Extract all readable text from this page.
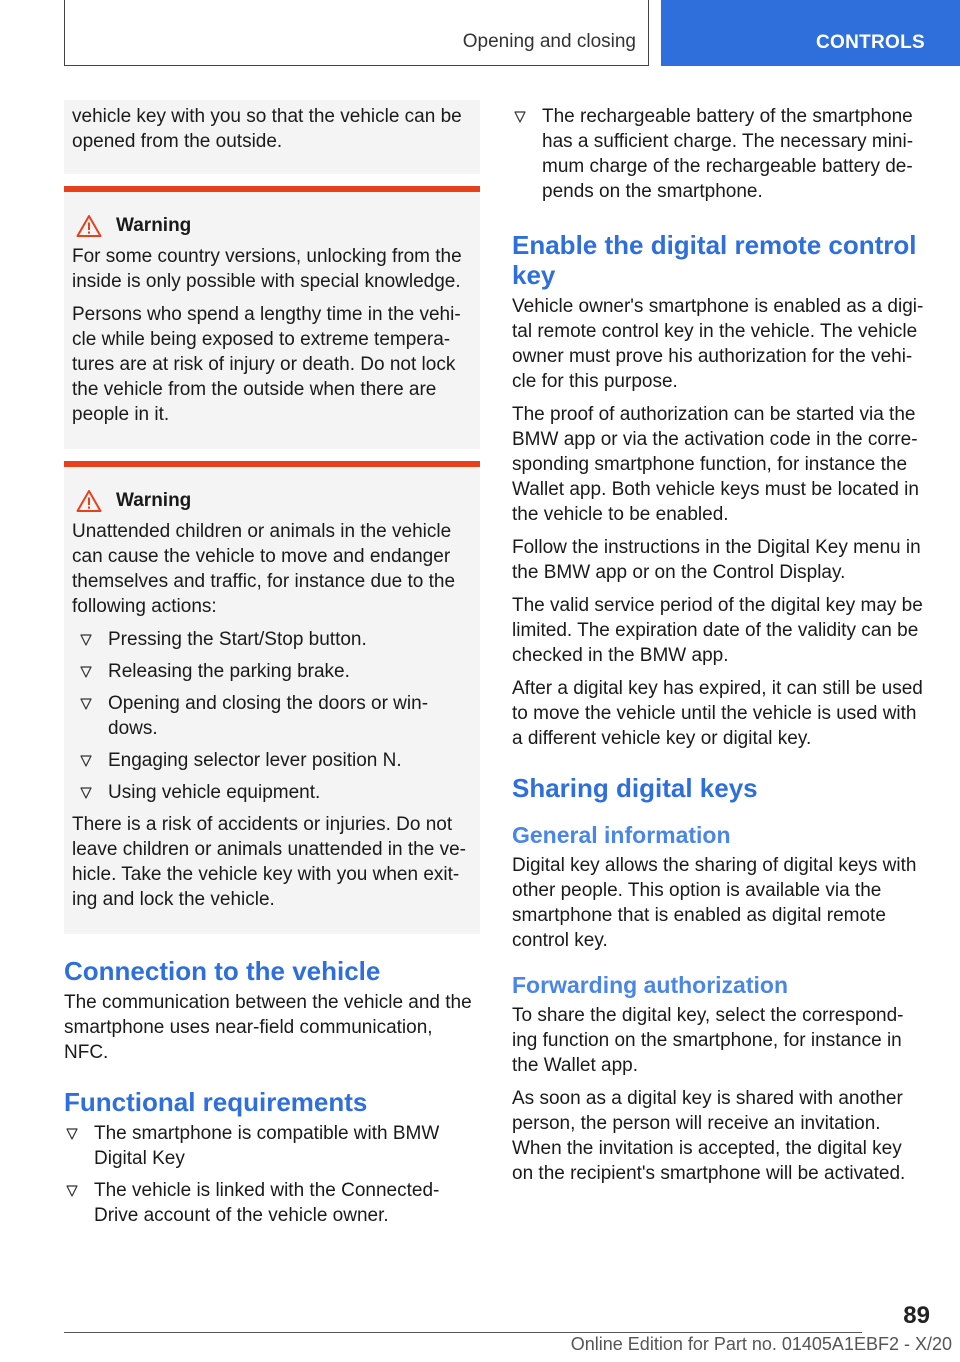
Opening and closing	CONTROLS

vehicle key with you so that the vehicle can be opened from the outside.

Warning

For some country versions, unlocking from the inside is only possible with special knowledge.

Persons who spend a lengthy time in the vehi-cle while being exposed to extreme tempera-tures are at risk of injury or death. Do not lock the vehicle from the outside when there are people in it.

Warning

Unattended children or animals in the vehicle can cause the vehicle to move and endanger themselves and traffic, for instance due to the following actions:

Pressing the Start/Stop button.
Releasing the parking brake.
Opening and closing the doors or win-dows.
Engaging selector lever position N.
Using vehicle equipment.

There is a risk of accidents or injuries. Do not leave children or animals unattended in the ve-hicle. Take the vehicle key with you when exit-ing and lock the vehicle.

Connection to the vehicle

The communication between the vehicle and the smartphone uses near-field communication, NFC.

Functional requirements
The smartphone is compatible with BMW Digital Key
The vehicle is linked with the Connected-Drive account of the vehicle owner.
The rechargeable battery of the smartphone has a sufficient charge. The necessary mini-mum charge of the rechargeable battery de-pends on the smartphone.
Enable the digital remote control key

Vehicle owner's smartphone is enabled as a digi-tal remote control key in the vehicle. The vehicle owner must prove his authorization for the vehi-cle for this purpose.

The proof of authorization can be started via the BMW app or via the activation code in the corre-sponding smartphone function, for instance the Wallet app. Both vehicle keys must be located in the vehicle to be enabled.

Follow the instructions in the Digital Key menu in the BMW app or on the Control Display.

The valid service period of the digital key may be limited. The expiration date of the validity can be checked in the BMW app.

After a digital key has expired, it can still be used to move the vehicle until the vehicle is used with a different vehicle key or digital key.

Sharing digital keys
General information

Digital key allows the sharing of digital keys with other people. This option is available via the smartphone that is enabled as digital remote control key.

Forwarding authorization

To share the digital key, select the correspond-ing function on the smartphone, for instance in the Wallet app.

As soon as a digital key is shared with another person, the person will receive an invitation. When the invitation is accepted, the digital key on the recipient's smartphone will be activated.

89
Online Edition for Part no. 01405A1EBF2 - X/20
